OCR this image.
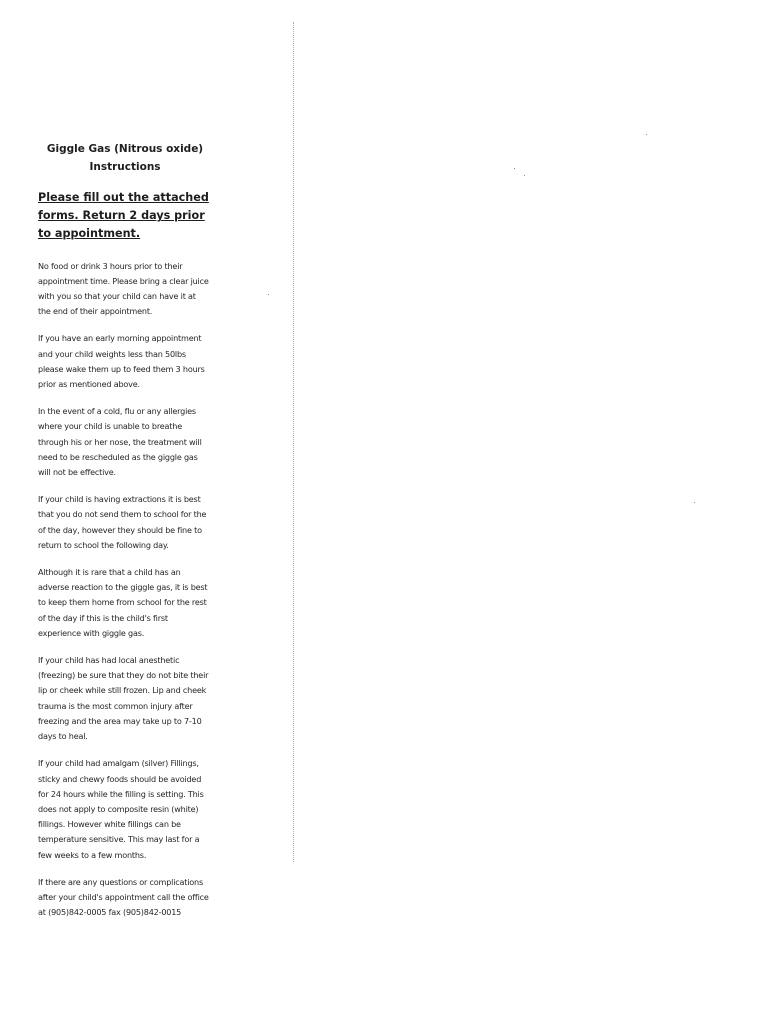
Giggle Gas (Nitrous oxide)
Instructions

Please fill out the attached forms. Return 2 days prior to appointment.

No food or drink 3 hours prior to their appointment time. Please bring a clear juice with you so that your child can have it at the end of their appointment.

If you have an early morning appointment and your child weights less than 50lbs please wake them up to feed them 3 hours prior as mentioned above.

In the event of a cold, flu or any allergies where your child is unable to breathe through his or her nose, the treatment will need to be rescheduled as the giggle gas will not be effective.

If your child is having extractions it is best that you do not send them to school for the of the day, however they should be fine to return to school the following day.

Although it is rare that a child has an adverse reaction to the giggle gas, it is best to keep them home from school for the rest of the day if this is the child's first experience with giggle gas.

If your child has had local anesthetic (freezing) be sure that they do not bite their lip or cheek while still frozen. Lip and cheek trauma is the most common injury after freezing and the area may take up to 7-10 days to heal.

If your child had amalgam (silver) Fillings, sticky and chewy foods should be avoided for 24 hours while the filling is setting. This does not apply to composite resin (white) fillings. However white fillings can be temperature sensitive. This may last for a few weeks to a few months.

If there are any questions or complications after your child's appointment call the office at (905)842-0005 fax (905)842-0015
